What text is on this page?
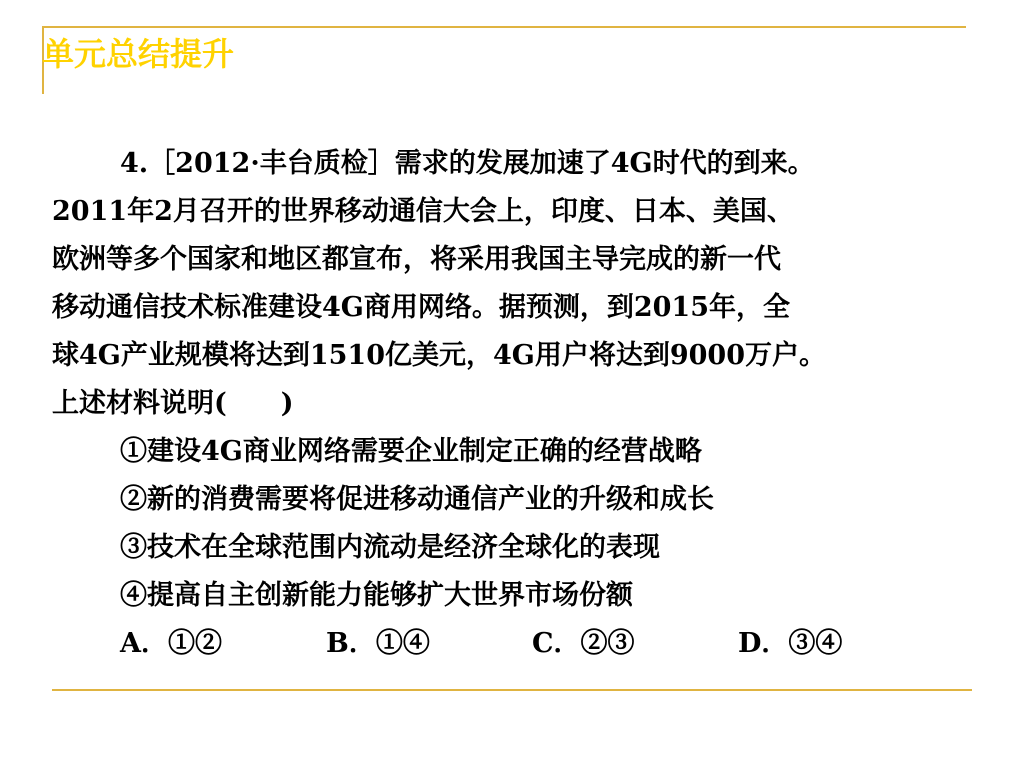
单元总结提升
4.［2012·丰台质检］需求的发展加速了4G时代的到来。
2011年2月召开的世界移动通信大会上，印度、日本、美国、
欧洲等多个国家和地区都宣布，将采用我国主导完成的新一代
移动通信技术标准建设4G商用网络。据预测，到2015年，全
球4G产业规模将达到1510亿美元，4G用户将达到9000万户。
上述材料说明(　　)
①建设4G商业网络需要企业制定正确的经营战略
②新的消费需要将促进移动通信产业的升级和成长
③技术在全球范围内流动是经济全球化的表现
④提高自主创新能力能够扩大世界市场份额
A．①②	B．①④	C．②③	D．③④
